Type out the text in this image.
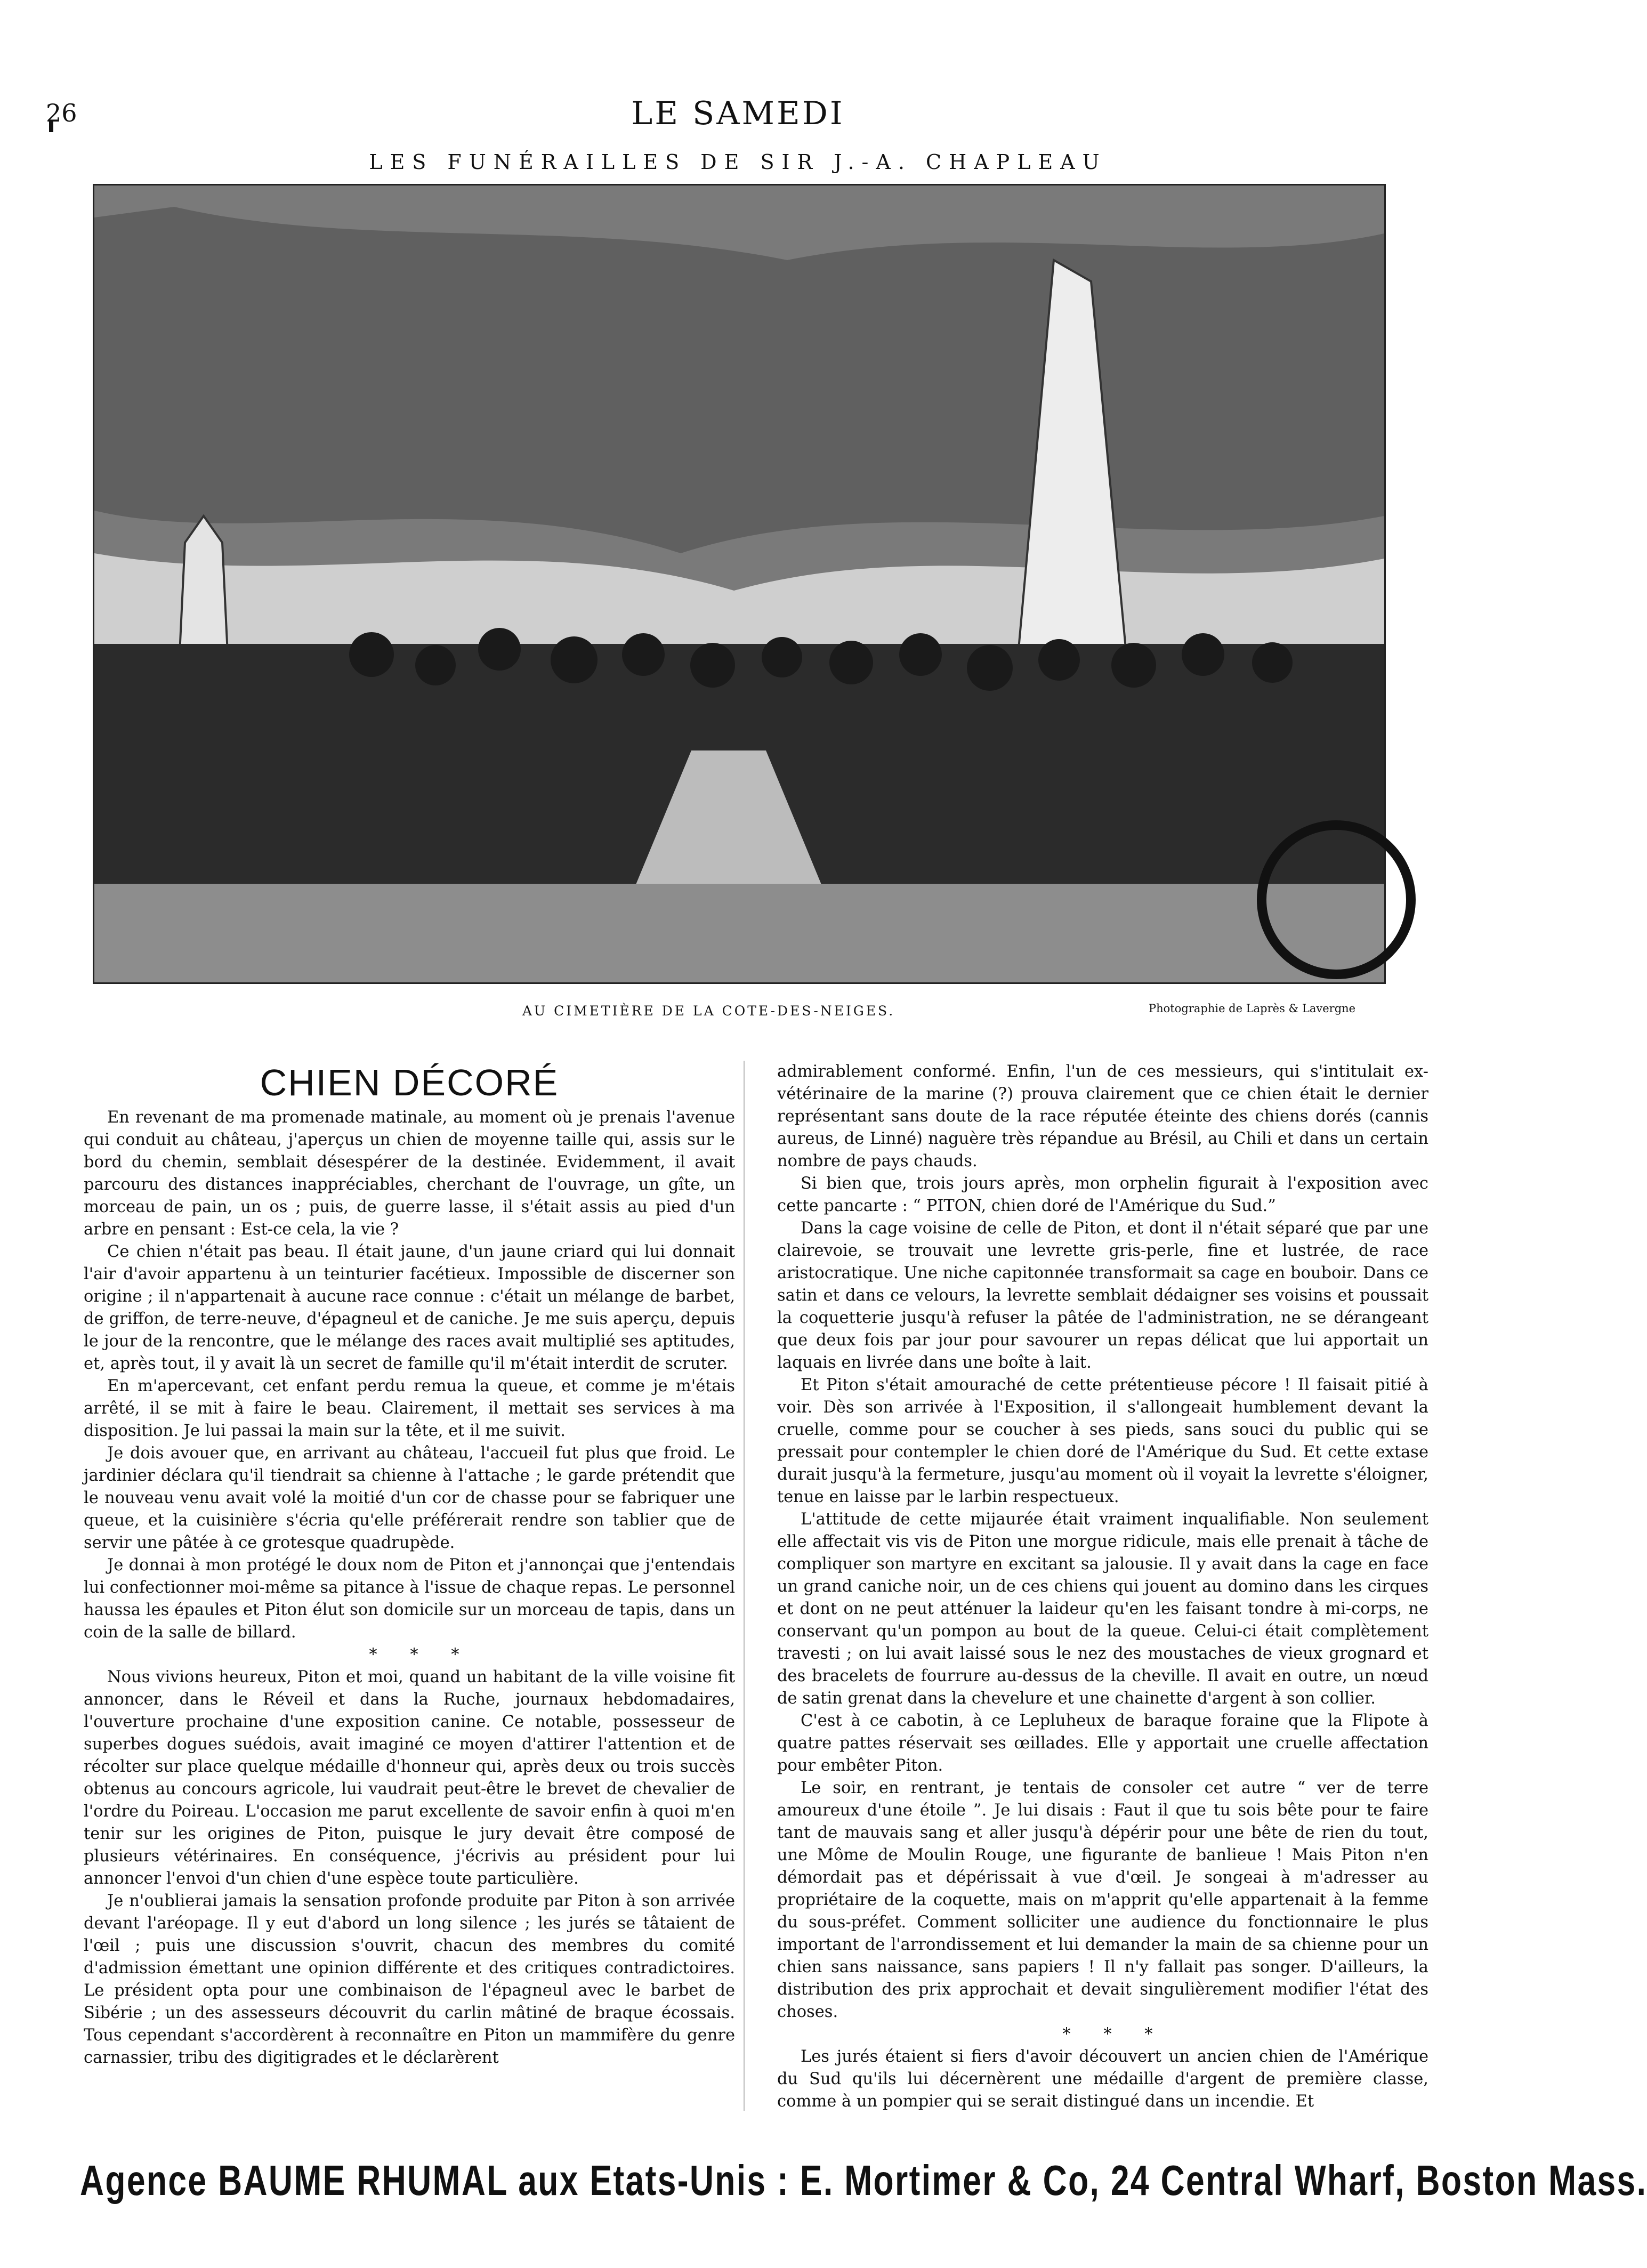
26	LE SAMEDI
LES FUNÉRAILLES DE SIR J.-A. CHAPLEAU
AU CIMETIÈRE DE LA COTE-DES-NEIGES.	Photographie de Laprès & Lavergne
CHIEN DÉCORÉ

En revenant de ma promenade matinale, au moment où je prenais l'avenue qui conduit au château, j'aperçus un chien de moyenne taille qui, assis sur le bord du chemin, semblait désespérer de la destinée. Evidemment, il avait parcouru des distances inappréciables, cherchant de l'ouvrage, un gîte, un morceau de pain, un os ; puis, de guerre lasse, il s'était assis au pied d'un arbre en pensant : Est-ce cela, la vie ?

Ce chien n'était pas beau. Il était jaune, d'un jaune criard qui lui donnait l'air d'avoir appartenu à un teinturier facétieux. Impossible de discerner son origine ; il n'appartenait à aucune race connue : c'était un mélange de barbet, de griffon, de terre-neuve, d'épagneul et de caniche. Je me suis aperçu, depuis le jour de la rencontre, que le mélange des races avait multiplié ses aptitudes, et, après tout, il y avait là un secret de famille qu'il m'était interdit de scruter.

En m'apercevant, cet enfant perdu remua la queue, et comme je m'étais arrêté, il se mit à faire le beau. Clairement, il mettait ses services à ma disposition. Je lui passai la main sur la tête, et il me suivit.

Je dois avouer que, en arrivant au château, l'accueil fut plus que froid. Le jardinier déclara qu'il tiendrait sa chienne à l'attache ; le garde prétendit que le nouveau venu avait volé la moitié d'un cor de chasse pour se fabriquer une queue, et la cuisinière s'écria qu'elle préférerait rendre son tablier que de servir une pâtée à ce grotesque quadrupède.

Je donnai à mon protégé le doux nom de Piton et j'annonçai que j'entendais lui confectionner moi-même sa pitance à l'issue de chaque repas. Le personnel haussa les épaules et Piton élut son domicile sur un morceau de tapis, dans un coin de la salle de billard.

* * *

Nous vivions heureux, Piton et moi, quand un habitant de la ville voisine fit annoncer, dans le Réveil et dans la Ruche, journaux hebdomadaires, l'ouverture prochaine d'une exposition canine. Ce notable, possesseur de superbes dogues suédois, avait imaginé ce moyen d'attirer l'attention et de récolter sur place quelque médaille d'honneur qui, après deux ou trois succès obtenus au concours agricole, lui vaudrait peut-être le brevet de chevalier de l'ordre du Poireau. L'occasion me parut excellente de savoir enfin à quoi m'en tenir sur les origines de Piton, puisque le jury devait être composé de plusieurs vétérinaires. En conséquence, j'écrivis au président pour lui annoncer l'envoi d'un chien d'une espèce toute particulière.

Je n'oublierai jamais la sensation profonde produite par Piton à son arrivée devant l'aréopage. Il y eut d'abord un long silence ; les jurés se tâtaient de l'œil ; puis une discussion s'ouvrit, chacun des membres du comité d'admission émettant une opinion différente et des critiques contradictoires. Le président opta pour une combinaison de l'épagneul avec le barbet de Sibérie ; un des assesseurs découvrit du carlin mâtiné de braque écossais. Tous cependant s'accordèrent à reconnaître en Piton un mammifère du genre carnassier, tribu des digitigrades et le déclarèrent

admirablement conformé. Enfin, l'un de ces messieurs, qui s'intitulait ex-vétérinaire de la marine (?) prouva clairement que ce chien était le dernier représentant sans doute de la race réputée éteinte des chiens dorés (cannis aureus, de Linné) naguère très répandue au Brésil, au Chili et dans un certain nombre de pays chauds.

Si bien que, trois jours après, mon orphelin figurait à l'exposition avec cette pancarte : “ PITON, chien doré de l'Amérique du Sud.”

Dans la cage voisine de celle de Piton, et dont il n'était séparé que par une clairevoie, se trouvait une levrette gris-perle, fine et lustrée, de race aristocratique. Une niche capitonnée transformait sa cage en bouboir. Dans ce satin et dans ce velours, la levrette semblait dédaigner ses voisins et poussait la coquetterie jusqu'à refuser la pâtée de l'administration, ne se dérangeant que deux fois par jour pour savourer un repas délicat que lui apportait un laquais en livrée dans une boîte à lait.

Et Piton s'était amouraché de cette prétentieuse pécore ! Il faisait pitié à voir. Dès son arrivée à l'Exposition, il s'allongeait humblement devant la cruelle, comme pour se coucher à ses pieds, sans souci du public qui se pressait pour contempler le chien doré de l'Amérique du Sud. Et cette extase durait jusqu'à la fermeture, jusqu'au moment où il voyait la levrette s'éloigner, tenue en laisse par le larbin respectueux.

L'attitude de cette mijaurée était vraiment inqualifiable. Non seulement elle affectait vis vis de Piton une morgue ridicule, mais elle prenait à tâche de compliquer son martyre en excitant sa jalousie. Il y avait dans la cage en face un grand caniche noir, un de ces chiens qui jouent au domino dans les cirques et dont on ne peut atténuer la laideur qu'en les faisant tondre à mi-corps, ne conservant qu'un pompon au bout de la queue. Celui-ci était complètement travesti ; on lui avait laissé sous le nez des moustaches de vieux grognard et des bracelets de fourrure au-dessus de la cheville. Il avait en outre, un nœud de satin grenat dans la chevelure et une chainette d'argent à son collier.

C'est à ce cabotin, à ce Lepluheux de baraque foraine que la Flipote à quatre pattes réservait ses œillades. Elle y apportait une cruelle affectation pour embêter Piton.

Le soir, en rentrant, je tentais de consoler cet autre “ ver de terre amoureux d'une étoile ”. Je lui disais : Faut il que tu sois bête pour te faire tant de mauvais sang et aller jusqu'à dépérir pour une bête de rien du tout, une Môme de Moulin Rouge, une figurante de banlieue ! Mais Piton n'en démordait pas et dépérissait à vue d'œil. Je songeai à m'adresser au propriétaire de la coquette, mais on m'apprit qu'elle appartenait à la femme du sous-préfet. Comment solliciter une audience du fonctionnaire le plus important de l'arrondissement et lui demander la main de sa chienne pour un chien sans naissance, sans papiers ! Il n'y fallait pas songer. D'ailleurs, la distribution des prix approchait et devait singulièrement modifier l'état des choses.

* * *

Les jurés étaient si fiers d'avoir découvert un ancien chien de l'Amérique du Sud qu'ils lui décernèrent une médaille d'argent de première classe, comme à un pompier qui se serait distingué dans un incendie. Et

Agence BAUME RHUMAL aux Etats-Unis : E. Mortimer & Co, 24 Central Wharf, Boston Mass.
